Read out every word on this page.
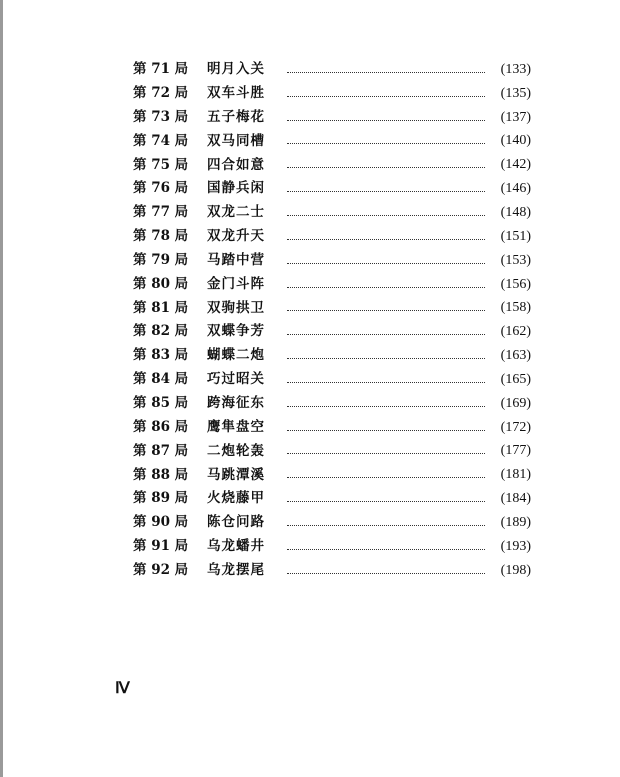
第 71 局	明月入关	(133)
第 72 局	双车斗胜	(135)
第 73 局	五子梅花	(137)
第 74 局	双马同槽	(140)
第 75 局	四合如意	(142)
第 76 局	国静兵闲	(146)
第 77 局	双龙二士	(148)
第 78 局	双龙升天	(151)
第 79 局	马踏中营	(153)
第 80 局	金门斗阵	(156)
第 81 局	双驹拱卫	(158)
第 82 局	双蝶争芳	(162)
第 83 局	蝴蝶二炮	(163)
第 84 局	巧过昭关	(165)
第 85 局	跨海征东	(169)
第 86 局	鹰隼盘空	(172)
第 87 局	二炮轮轰	(177)
第 88 局	马跳潭溪	(181)
第 89 局	火烧藤甲	(184)
第 90 局	陈仓问路	(189)
第 91 局	乌龙蟠井	(193)
第 92 局	乌龙摆尾	(198)
Ⅳ
